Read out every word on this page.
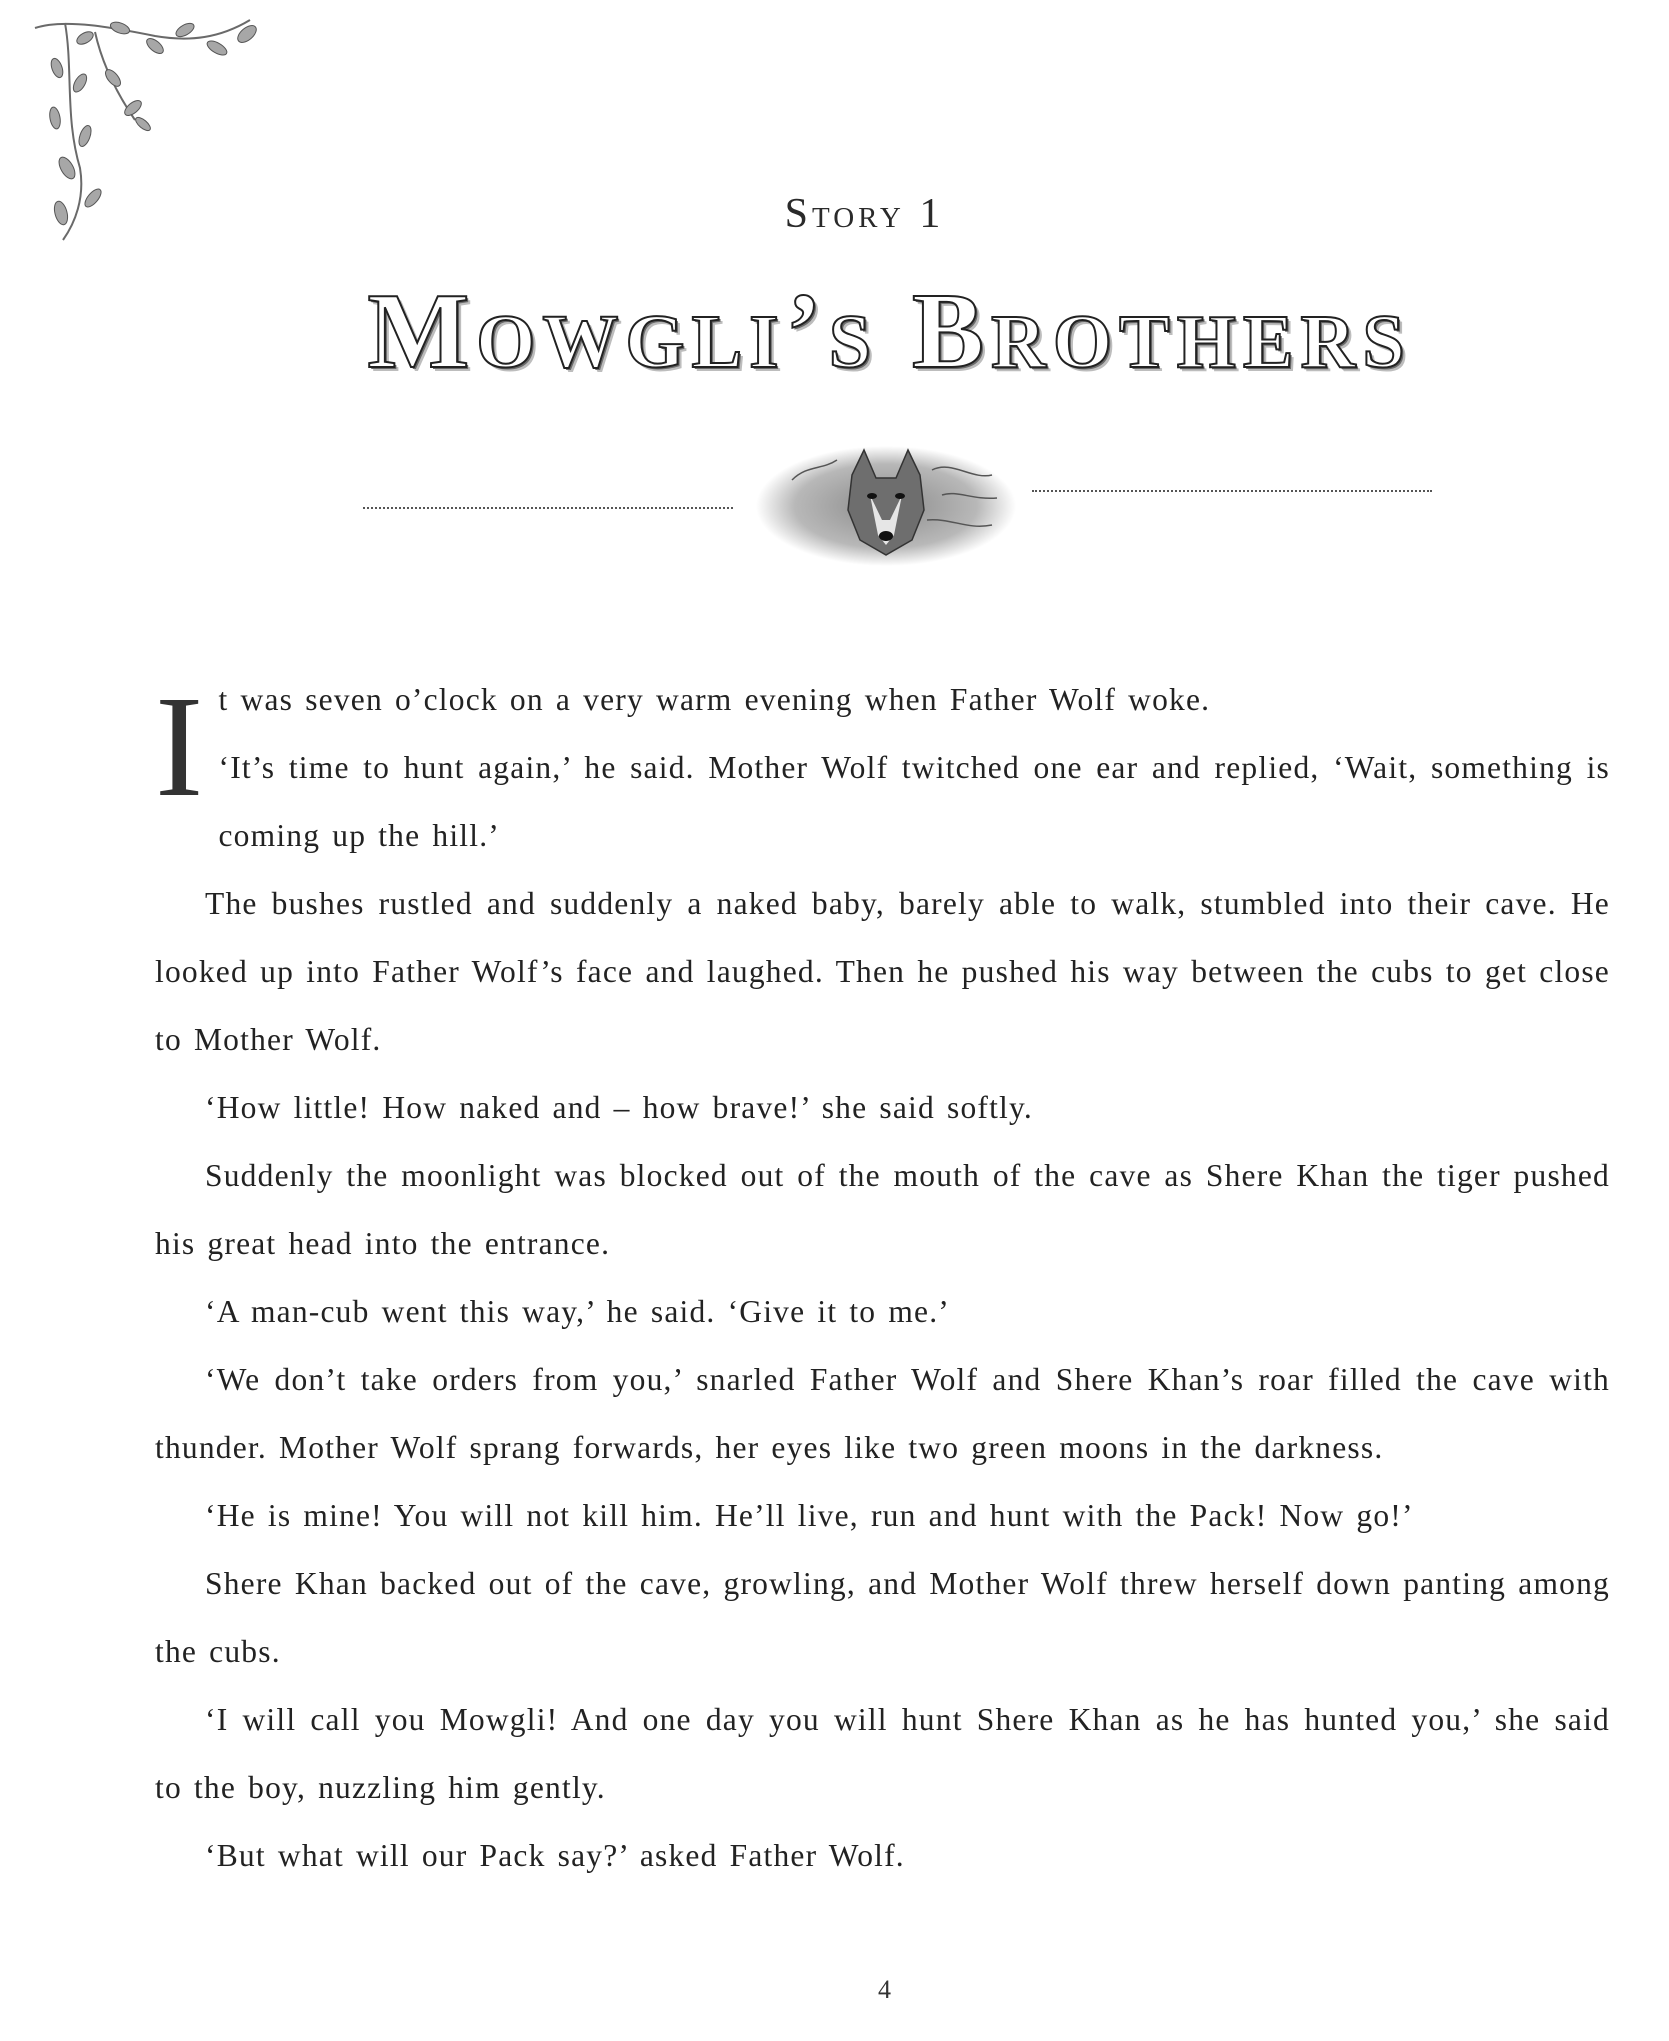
Story 1
Mowgli’s Brothers

It was seven o’clock on a very warm evening when Father Wolf woke.

‘It’s time to hunt again,’ he said. Mother Wolf twitched one ear and replied, ‘Wait, something is coming up the hill.’

The bushes rustled and suddenly a naked baby, barely able to walk, stumbled into their cave. He looked up into Father Wolf’s face and laughed. Then he pushed his way between the cubs to get close to Mother Wolf.

‘How little! How naked and – how brave!’ she said softly.

Suddenly the moonlight was blocked out of the mouth of the cave as Shere Khan the tiger pushed his great head into the entrance.

‘A man-cub went this way,’ he said. ‘Give it to me.’

‘We don’t take orders from you,’ snarled Father Wolf and Shere Khan’s roar filled the cave with thunder. Mother Wolf sprang forwards, her eyes like two green moons in the darkness.

‘He is mine! You will not kill him. He’ll live, run and hunt with the Pack! Now go!’

Shere Khan backed out of the cave, growling, and Mother Wolf threw herself down panting among the cubs.

‘I will call you Mowgli! And one day you will hunt Shere Khan as he has hunted you,’ she said to the boy, nuzzling him gently.

‘But what will our Pack say?’ asked Father Wolf.

4
